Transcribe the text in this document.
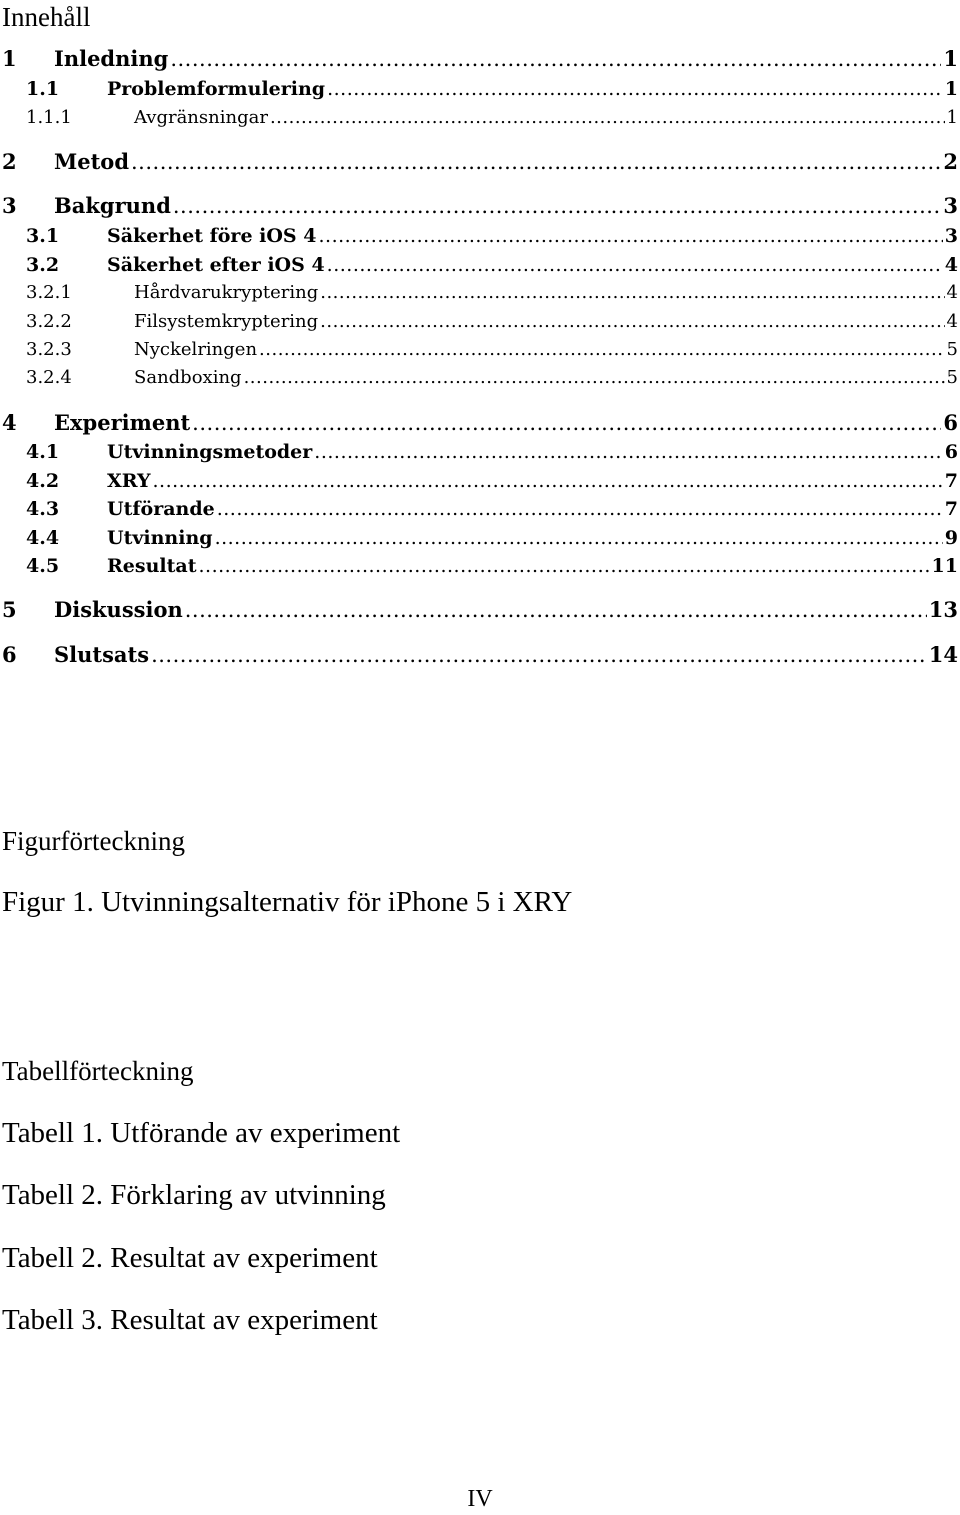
Innehåll
1	Inledning .....	1
1.1	Problemformulering .....	1
1.1.1	Avgränsningar .....	1
2	Metod .....	2
3	Bakgrund .....	3
3.1	Säkerhet före iOS 4 .....	3
3.2	Säkerhet efter iOS 4 .....	4
3.2.1	Hårdvarukryptering .....	4
3.2.2	Filsystemkryptering .....	4
3.2.3	Nyckelringen .....	5
3.2.4	Sandboxing .....	5
4	Experiment .....	6
4.1	Utvinningsmetoder .....	6
4.2	XRY .....	7
4.3	Utförande .....	7
4.4	Utvinning .....	9
4.5	Resultat .....	11
5	Diskussion .....	13
6	Slutsats .....	14
Figurförteckning
Figur 1. Utvinningsalternativ för iPhone 5 i XRY
Tabellförteckning
Tabell 1. Utförande av experiment
Tabell 2. Förklaring av utvinning
Tabell 2. Resultat av experiment
Tabell 3. Resultat av experiment
IV
